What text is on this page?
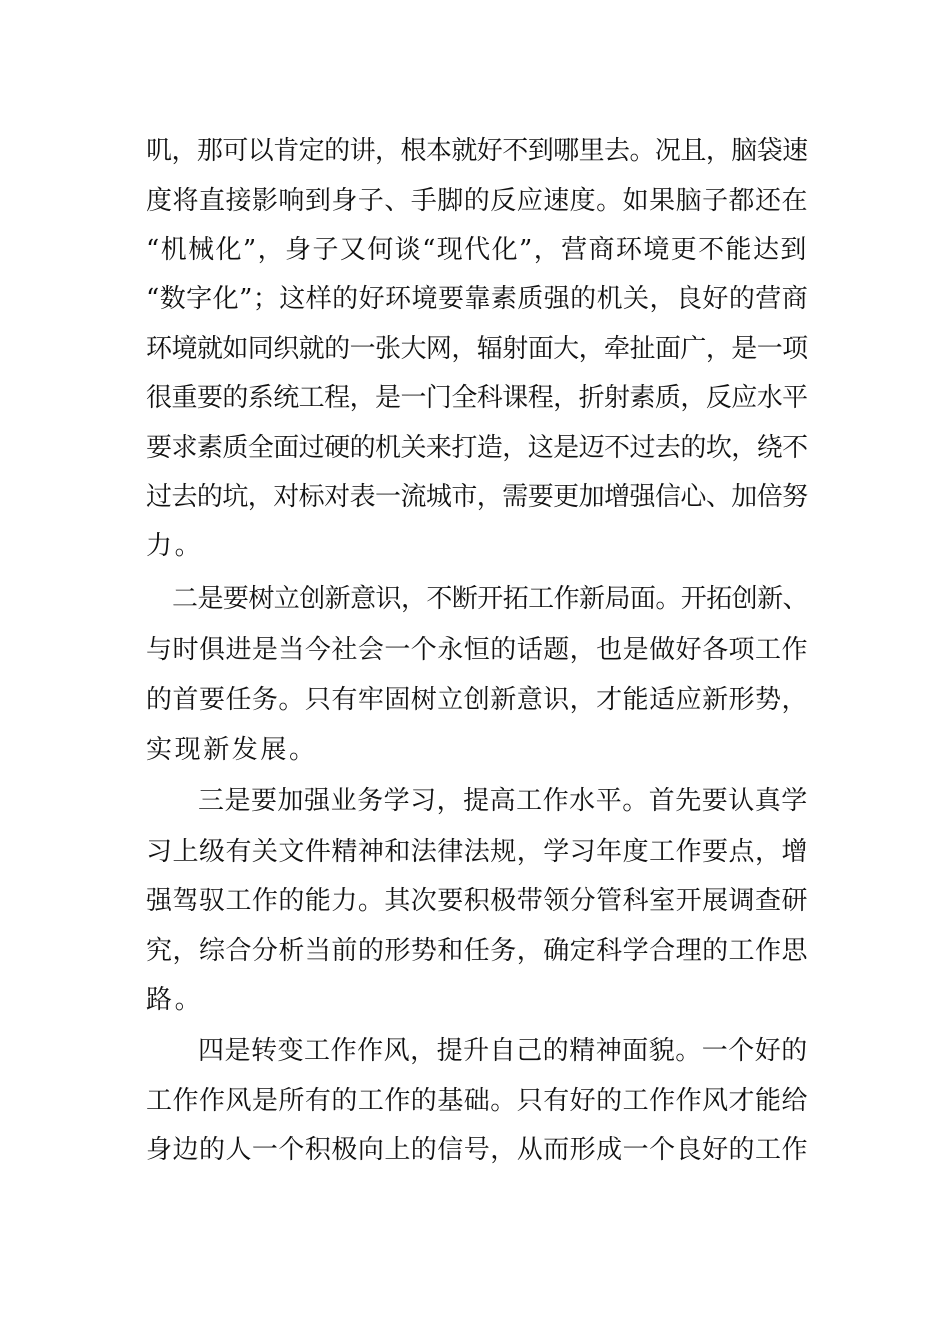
叽，那可以肯定的讲，根本就好不到哪里去。况且，脑袋速
度将直接影响到身子、手脚的反应速度。如果脑子都还在
“机械化”，身子又何谈“现代化”，营商环境更不能达到
“数字化”；这样的好环境要靠素质强的机关，良好的营商
环境就如同织就的一张大网，辐射面大，牵扯面广，是一项
很重要的系统工程，是一门全科课程，折射素质，反应水平
要求素质全面过硬的机关来打造，这是迈不过去的坎，绕不
过去的坑，对标对表一流城市，需要更加增强信心、加倍努
力。
二是要树立创新意识，不断开拓工作新局面。开拓创新、
与时俱进是当今社会一个永恒的话题，也是做好各项工作
的首要任务。只有牢固树立创新意识，才能适应新形势，
实现新发展。
三是要加强业务学习，提高工作水平。首先要认真学
习上级有关文件精神和法律法规，学习年度工作要点，增
强驾驭工作的能力。其次要积极带领分管科室开展调查研
究，综合分析当前的形势和任务，确定科学合理的工作思
路。
四是转变工作作风，提升自己的精神面貌。一个好的
工作作风是所有的工作的基础。只有好的工作作风才能给
身边的人一个积极向上的信号，从而形成一个良好的工作
